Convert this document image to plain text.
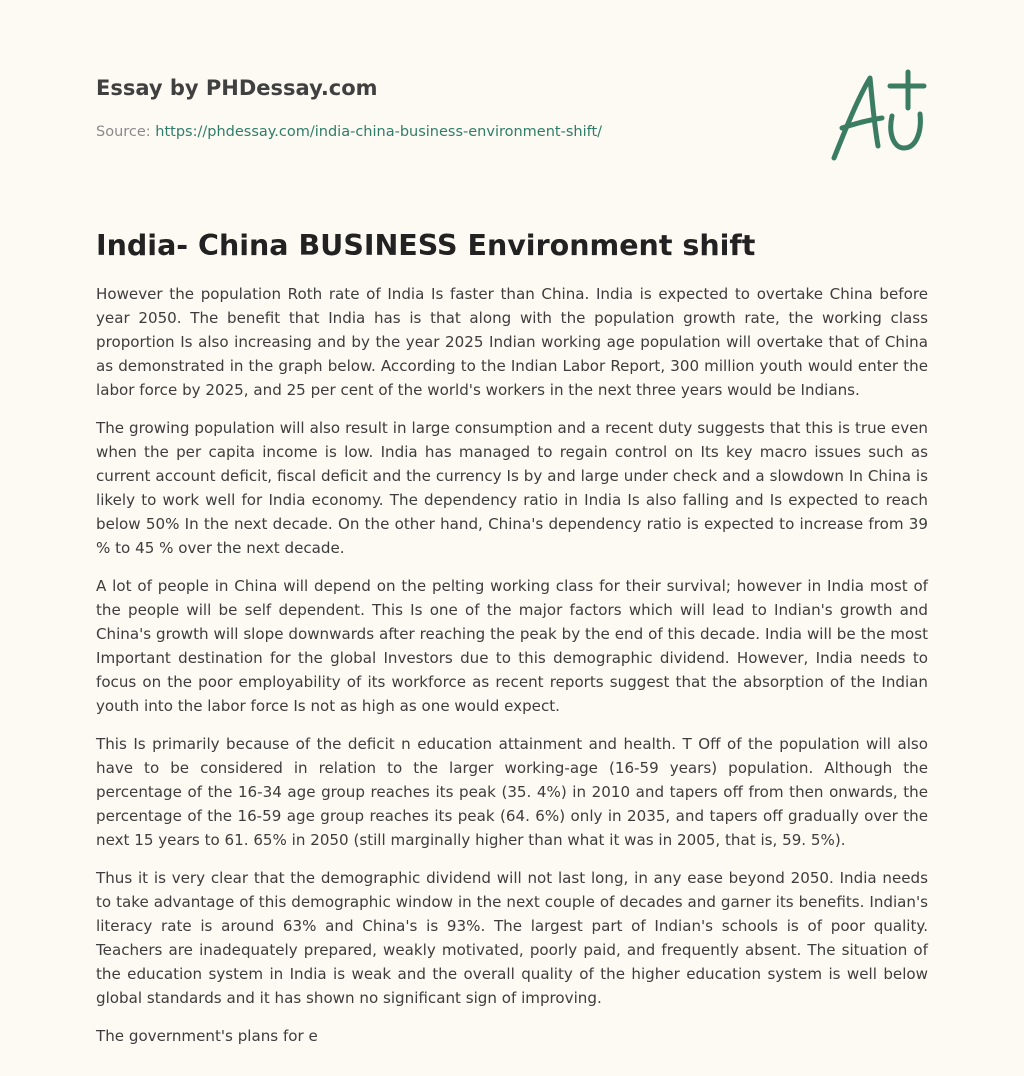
Essay by PHDessay.com
Source: https://phdessay.com/india-china-business-environment-shift/
India- China BUSINESS Environment shift

However the population Roth rate of India Is faster than China. India is expected to overtake China before year 2050. The benefit that India has is that along with the population growth rate, the working class proportion Is also increasing and by the year 2025 Indian working age population will overtake that of China as demonstrated in the graph below. According to the Indian Labor Report, 300 million youth would enter the labor force by 2025, and 25 per cent of the world's workers in the next three years would be Indians.

The growing population will also result in large consumption and a recent duty suggests that this is true even when the per capita income is low. India has managed to regain control on Its key macro issues such as current account deficit, fiscal deficit and the currency Is by and large under check and a slowdown In China is likely to work well for India economy. The dependency ratio in India Is also falling and Is expected to reach below 50% In the next decade. On the other hand, China's dependency ratio is expected to increase from 39 % to 45 % over the next decade.

A lot of people in China will depend on the pelting working class for their survival; however in India most of the people will be self dependent. This Is one of the major factors which will lead to Indian's growth and China's growth will slope downwards after reaching the peak by the end of this decade. India will be the most Important destination for the global Investors due to this demographic dividend. However, India needs to focus on the poor employability of its workforce as recent reports suggest that the absorption of the Indian youth into the labor force Is not as high as one would expect.

This Is primarily because of the deficit n education attainment and health. T Off of the population will also have to be considered in relation to the larger working-age (16-59 years) population. Although the percentage of the 16-34 age group reaches its peak (35. 4%) in 2010 and tapers off from then onwards, the percentage of the 16-59 age group reaches its peak (64. 6%) only in 2035, and tapers off gradually over the next 15 years to 61. 65% in 2050 (still marginally higher than what it was in 2005, that is, 59. 5%).

Thus it is very clear that the demographic dividend will not last long, in any ease beyond 2050. India needs to take advantage of this demographic window in the next couple of decades and garner its benefits. Indian's literacy rate is around 63% and China's is 93%. The largest part of Indian's schools is of poor quality. Teachers are inadequately prepared, weakly motivated, poorly paid, and frequently absent. The situation of the education system in India is weak and the overall quality of the higher education system is well below global standards and it has shown no significant sign of improving.

The government's plans for e
